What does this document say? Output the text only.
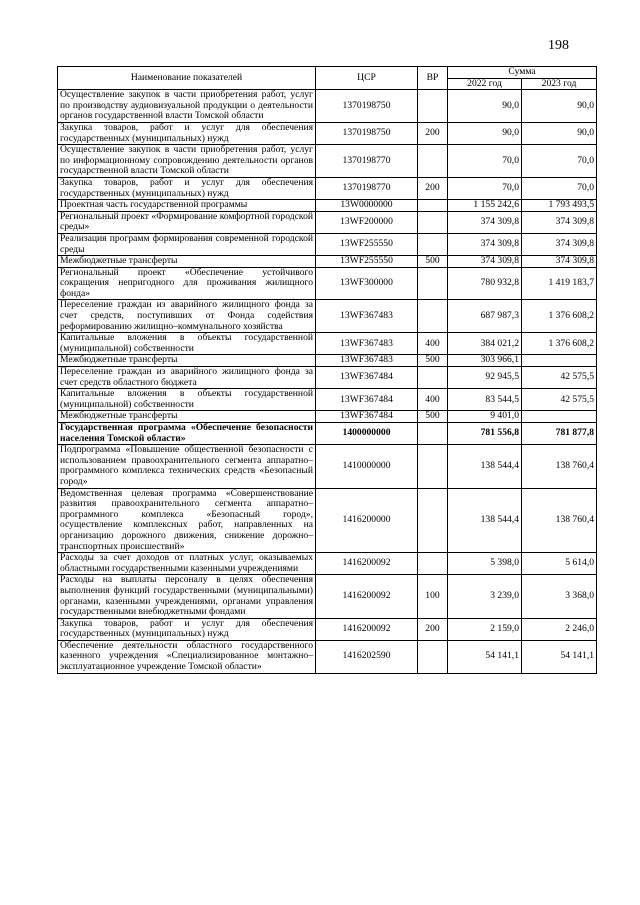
198
Наименование показателей	ЦСР	ВР	Сумма	
			2022 год	2023 год
Осуществление закупок в части приобретения работ, услуг по производству аудиовизуальной продукции о деятельности органов государственной власти Томской области	1370198750		90,0	90,0
Закупка товаров, работ и услуг для обеспечения государственных (муниципальных) нужд	1370198750	200	90,0	90,0
Осуществление закупок в части приобретения работ, услуг по информационному сопровождению деятельности органов государственной власти Томской области	1370198770		70,0	70,0
Закупка товаров, работ и услуг для обеспечения государственных (муниципальных) нужд	1370198770	200	70,0	70,0
Проектная часть государственной программы	13W0000000		1 155 242,6	1 793 493,5
Региональный проект «Формирование комфортной городской среды»	13WF200000		374 309,8	374 309,8
Реализация программ формирования современной городской среды	13WF255550		374 309,8	374 309,8
Межбюджетные трансферты	13WF255550	500	374 309,8	374 309,8
Региональный проект «Обеспечение устойчивого сокращения непригодного для проживания жилищного фонда»	13WF300000		780 932,8	1 419 183,7
Переселение граждан из аварийного жилищного фонда за счет средств, поступивших от Фонда содействия реформированию жилищно–коммунального хозяйства	13WF367483		687 987,3	1 376 608,2
Капитальные вложения в объекты государственной (муниципальной) собственности	13WF367483	400	384 021,2	1 376 608,2
Межбюджетные трансферты	13WF367483	500	303 966,1	
Переселение граждан из аварийного жилищного фонда за счет средств областного бюджета	13WF367484		92 945,5	42 575,5
Капитальные вложения в объекты государственной (муниципальной) собственности	13WF367484	400	83 544,5	42 575,5
Межбюджетные трансферты	13WF367484	500	9 401,0	
Государственная программа «Обеспечение безопасности населения Томской области»	1400000000		781 556,8	781 877,8
Подпрограмма «Повышение общественной безопасности с использованием правоохранительного сегмента аппаратно–программного комплекса технических средств «Безопасный город»	1410000000		138 544,4	138 760,4
Ведомственная целевая программа «Совершенствование развития правоохранительного сегмента аппаратно–программного комплекса «Безопасный город», осуществление комплексных работ, направленных на организацию дорожного движения, снижение дорожно–транспортных происшествий»	1416200000		138 544,4	138 760,4
Расходы за счет доходов от платных услуг, оказываемых областными государственными казенными учреждениями	1416200092		5 398,0	5 614,0
Расходы на выплаты персоналу в целях обеспечения выполнения функций государственными (муниципальными) органами, казенными учреждениями, органами управления государственными внебюджетными фондами	1416200092	100	3 239,0	3 368,0
Закупка товаров, работ и услуг для обеспечения государственных (муниципальных) нужд	1416200092	200	2 159,0	2 246,0
Обеспечение деятельности областного государственного казенного учреждения «Специализированное монтажно–эксплуатационное учреждение Томской области»	1416202590		54 141,1	54 141,1
